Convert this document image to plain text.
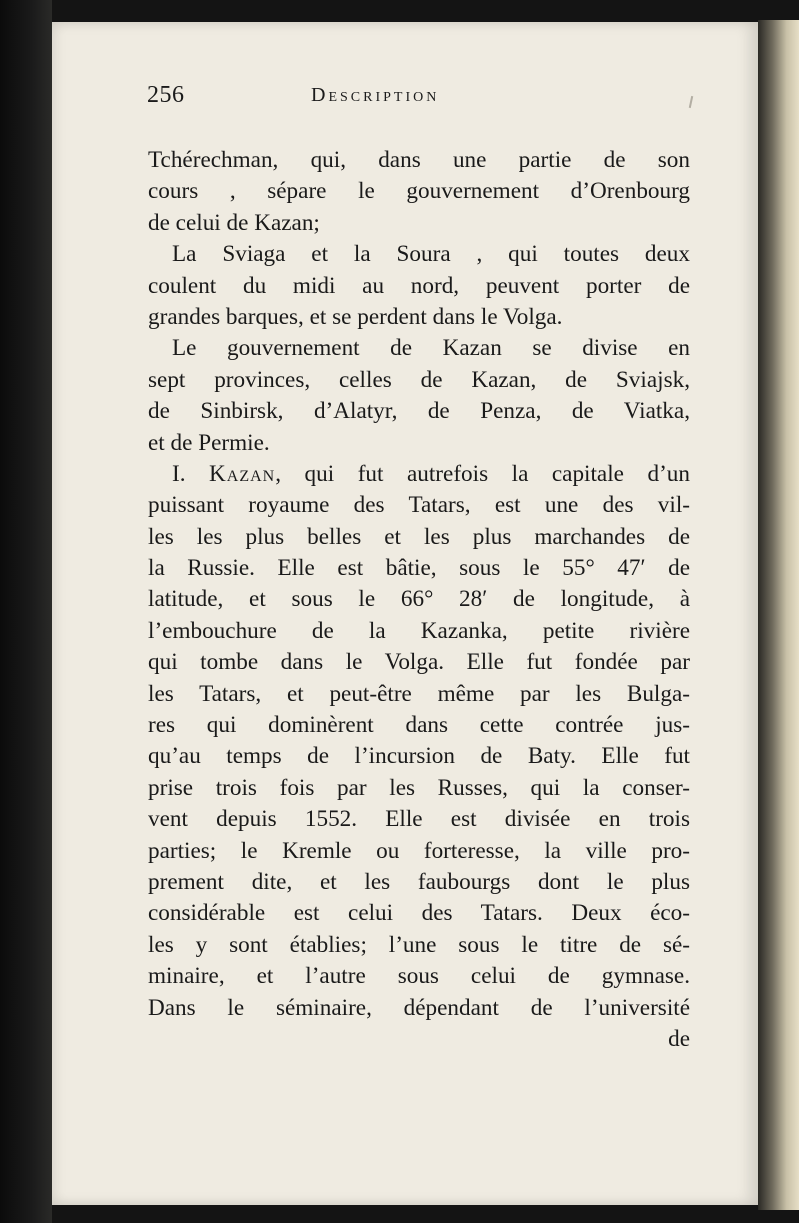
256	Description
Tchérechman, qui, dans une partie de son
cours , sépare le gouvernement d’Orenbourg
de celui de Kazan;
La Sviaga et la Soura , qui toutes deux
coulent du midi au nord, peuvent porter de
grandes barques, et se perdent dans le Volga.
Le gouvernement de Kazan se divise en
sept provinces, celles de Kazan, de Sviajsk,
de Sinbirsk, d’Alatyr, de Penza, de Viatka,
et de Permie.
I. Kazan, qui fut autrefois la capitale d’un
puissant royaume des Tatars, est une des vil-
les les plus belles et les plus marchandes de
la Russie. Elle est bâtie, sous le 55° 47′ de
latitude, et sous le 66° 28′ de longitude, à
l’embouchure de la Kazanka, petite rivière
qui tombe dans le Volga. Elle fut fondée par
les Tatars, et peut-être même par les Bulga-
res qui dominèrent dans cette contrée jus-
qu’au temps de l’incursion de Baty. Elle fut
prise trois fois par les Russes, qui la conser-
vent depuis 1552. Elle est divisée en trois
parties; le Kremle ou forteresse, la ville pro-
prement dite, et les faubourgs dont le plus
considérable est celui des Tatars. Deux éco-
les y sont établies; l’une sous le titre de sé-
minaire, et l’autre sous celui de gymnase.
Dans le séminaire, dépendant de l’université
de
